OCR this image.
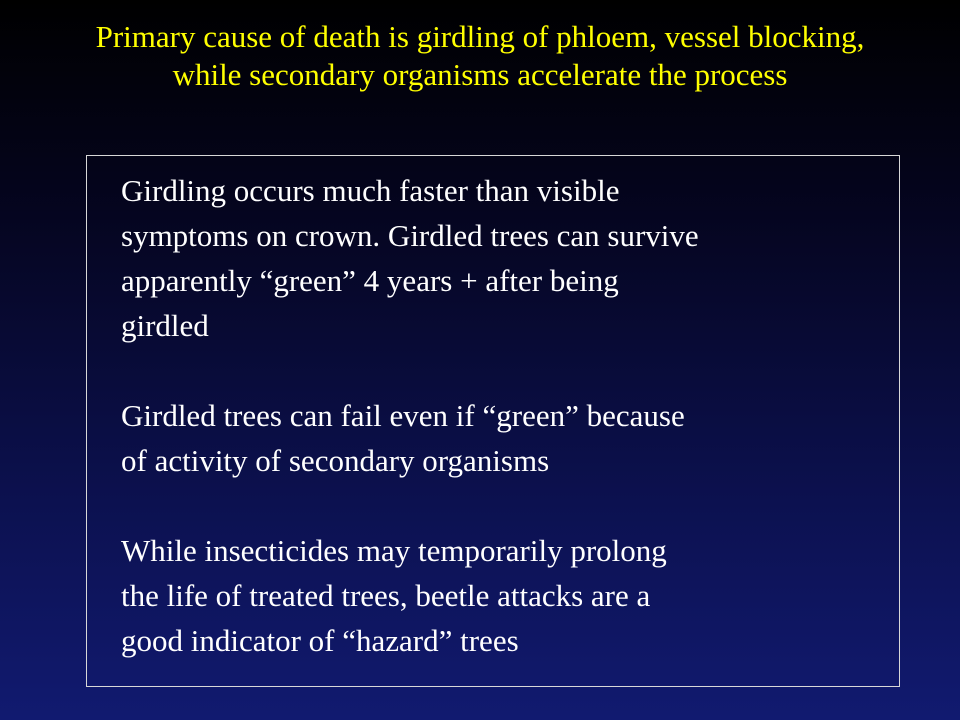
Primary cause of death is girdling of phloem, vessel blocking, while secondary organisms accelerate the process

Girdling occurs much faster than visible
symptoms on crown. Girdled trees can survive
apparently “green” 4 years + after being
girdled

Girdled trees can fail even if “green” because
of activity of secondary organisms

While insecticides may temporarily prolong
the life of treated trees, beetle attacks are a
good indicator of “hazard” trees
